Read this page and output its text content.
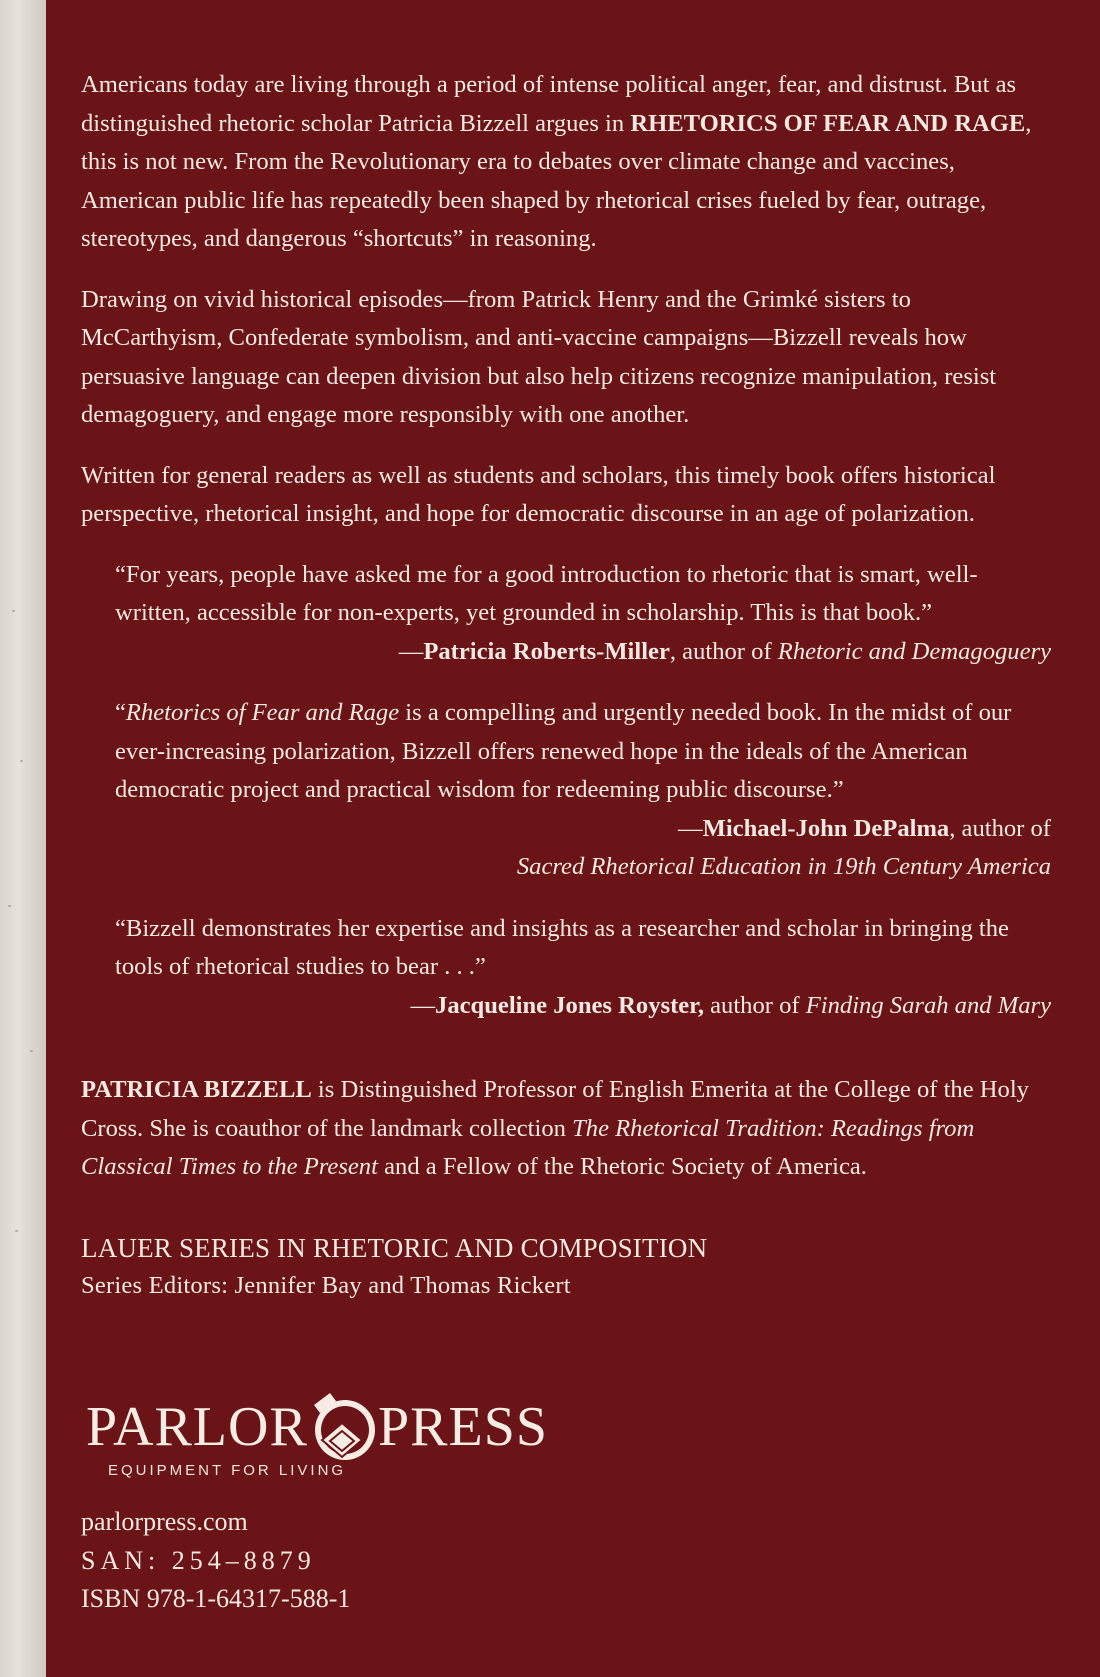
Americans today are living through a period of intense political anger, fear, and distrust. But as distinguished rhetoric scholar Patricia Bizzell argues in RHETORICS OF FEAR AND RAGE, this is not new. From the Revolutionary era to debates over climate change and vaccines, American public life has repeatedly been shaped by rhetorical crises fueled by fear, outrage, stereotypes, and dangerous “shortcuts” in reasoning.

Drawing on vivid historical episodes—from Patrick Henry and the Grimké sisters to McCarthyism, Confederate symbolism, and anti-vaccine campaigns—Bizzell reveals how persuasive language can deepen division but also help citizens recognize manipulation, resist demagoguery, and engage more responsibly with one another.

Written for general readers as well as students and scholars, this timely book offers historical perspective, rhetorical insight, and hope for democratic discourse in an age of polarization.

“For years, people have asked me for a good introduction to rhetoric that is smart, well-written, accessible for non-experts, yet grounded in scholarship. This is that book.”

—Patricia Roberts-Miller, author of Rhetoric and Demagoguery

“Rhetorics of Fear and Rage is a compelling and urgently needed book. In the midst of our ever-increasing polarization, Bizzell offers renewed hope in the ideals of the American democratic project and practical wisdom for redeeming public discourse.”

—Michael-John DePalma, author of

Sacred Rhetorical Education in 19th Century America

“Bizzell demonstrates her expertise and insights as a researcher and scholar in bringing the tools of rhetorical studies to bear . . .”

—Jacqueline Jones Royster, author of Finding Sarah and Mary

PATRICIA BIZZELL is Distinguished Professor of English Emerita at the College of the Holy Cross. She is coauthor of the landmark collection The Rhetorical Tradition: Readings from Classical Times to the Present and a Fellow of the Rhetoric Society of America.

LAUER SERIES IN RHETORIC AND COMPOSITION
Series Editors: Jennifer Bay and Thomas Rickert
PARLOR PRESS
EQUIPMENT FOR LIVING
parlorpress.com
SAN: 254–8879
ISBN 978-1-64317-588-1
